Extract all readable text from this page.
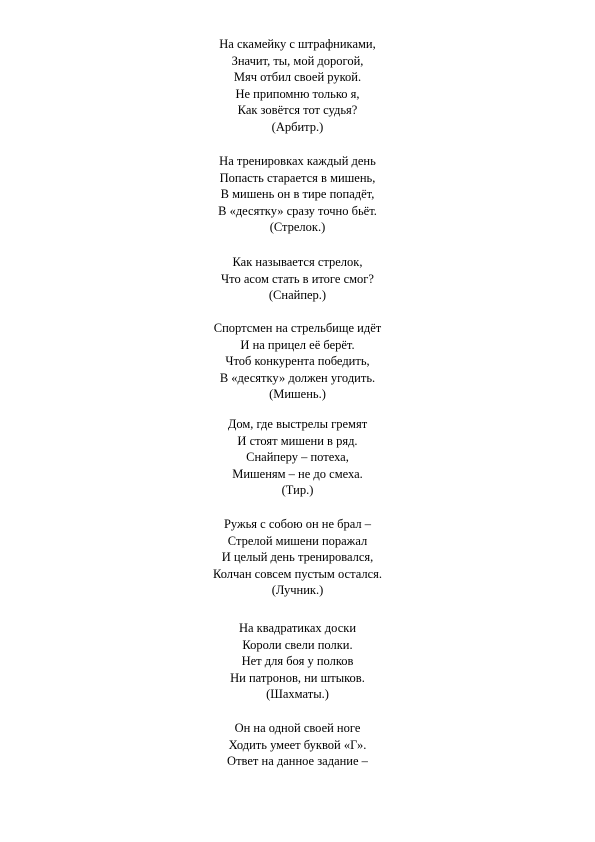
На скамейку с штрафниками,
Значит, ты, мой дорогой,
Мяч отбил своей рукой.
Не припомню только я,
Как зовётся тот судья?
(Арбитр.)
На тренировках каждый день
Попасть старается в мишень,
В мишень он в тире попадёт,
В «десятку» сразу точно бьёт.
(Стрелок.)
Как называется стрелок,
Что асом стать в итоге смог?
(Снайпер.)
Спортсмен на стрельбище идёт
И на прицел её берёт.
Чтоб конкурента победить,
В «десятку» должен угодить.
(Мишень.)
Дом, где выстрелы гремят
И стоят мишени в ряд.
Снайперу – потеха,
Мишеням – не до смеха.
(Тир.)
Ружья с собою он не брал –
Стрелой мишени поражал
И целый день тренировался,
Колчан совсем пустым остался.
(Лучник.)
На квадратиках доски
Короли свели полки.
Нет для боя у полков
Ни патронов, ни штыков.
(Шахматы.)
Он на одной своей ноге
Ходить умеет буквой «Г».
Ответ на данное задание –
